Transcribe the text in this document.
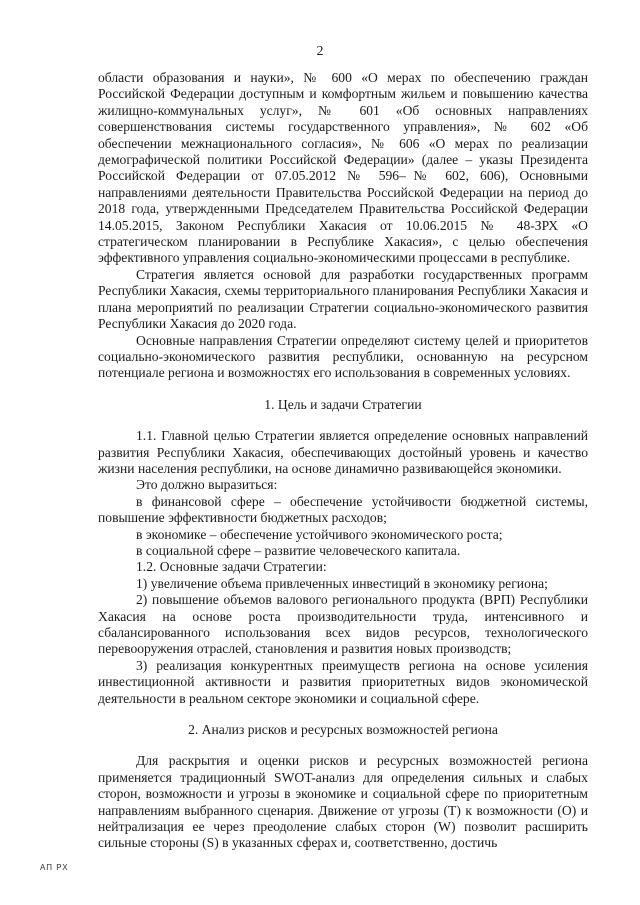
2

области образования и науки», № 600 «О мерах по обеспечению граждан Российской Федерации доступным и комфортным жильем и повышению качества жилищно-коммунальных услуг», № 601 «Об основных направлениях совершенствования системы государственного управления», № 602 «Об обеспечении межнационального согласия», № 606 «О мерах по реализации демографической политики Российской Федерации» (далее – указы Президента Российской Федерации от 07.05.2012 № 596–№ 602, 606), Основными направлениями деятельности Правительства Российской Федерации на период до 2018 года, утвержденными Председателем Правительства Российской Федерации 14.05.2015, Законом Республики Хакасия от 10.06.2015 № 48-ЗРХ «О стратегическом планировании в Республике Хакасия», с целью обеспечения эффективного управления социально-экономическими процессами в республике.

Стратегия является основой для разработки государственных программ Республики Хакасия, схемы территориального планирования Республики Хакасия и плана мероприятий по реализации Стратегии социально-экономического развития Республики Хакасия до 2020 года.

Основные направления Стратегии определяют систему целей и приоритетов социально-экономического развития республики, основанную на ресурсном потенциале региона и возможностях его использования в современных условиях.

1. Цель и задачи Стратегии

1.1. Главной целью Стратегии является определение основных направлений развития Республики Хакасия, обеспечивающих достойный уровень и качество жизни населения республики, на основе динамично развивающейся экономики.

Это должно выразиться:

в финансовой сфере – обеспечение устойчивости бюджетной системы, повышение эффективности бюджетных расходов;

в экономике – обеспечение устойчивого экономического роста;

в социальной сфере – развитие человеческого капитала.

1.2. Основные задачи Стратегии:

1) увеличение объема привлеченных инвестиций в экономику региона;

2) повышение объемов валового регионального продукта (ВРП) Республики Хакасия на основе роста производительности труда, интенсивного и сбалансированного использования всех видов ресурсов, технологического перевооружения отраслей, становления и развития новых производств;

3) реализация конкурентных преимуществ региона на основе усиления инвестиционной активности и развития приоритетных видов экономической деятельности в реальном секторе экономики и социальной сфере.

2. Анализ рисков и ресурсных возможностей региона

Для раскрытия и оценки рисков и ресурсных возможностей региона применяется традиционный SWOT-анализ для определения сильных и слабых сторон, возможности и угрозы в экономике и социальной сфере по приоритетным направлениям выбранного сценария. Движение от угрозы (Т) к возможности (О) и нейтрализация ее через преодоление слабых сторон (W) позволит расширить сильные стороны (S) в указанных сферах и, соответственно, достичь

АП РХ
